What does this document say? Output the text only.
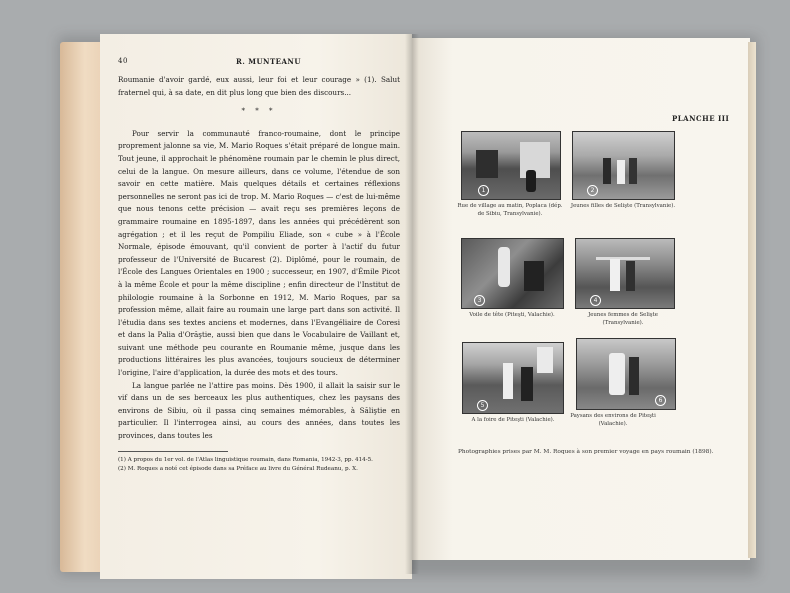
40	R. MUNTEANU

Roumanie d'avoir gardé, eux aussi, leur foi et leur courage » (1). Salut fraternel qui, à sa date, en dit plus long que bien des discours...

* * *

Pour servir la communauté franco-roumaine, dont le principe proprement jalonne sa vie, M. Mario Roques s'était préparé de longue main. Tout jeune, il approchait le phénomène roumain par le chemin le plus direct, celui de la langue. On mesure ailleurs, dans ce volume, l'étendue de son savoir en cette matière. Mais quelques détails et certaines réflexions personnelles ne seront pas ici de trop. M. Mario Roques — c'est de lui-même que nous tenons cette précision — avait reçu ses premières leçons de grammaire roumaine en 1895-1897, dans les années qui précédèrent son agrégation ; et il les reçut de Pompiliu Eliade, son « cube » à l'École Normale, épisode émouvant, qu'il convient de porter à l'actif du futur professeur de l'Université de Bucarest (2). Diplômé, pour le roumain, de l'École des Langues Orientales en 1900 ; successeur, en 1907, d'Émile Picot à la même École et pour la même discipline ; enfin directeur de l'Institut de philologie roumaine à la Sorbonne en 1912, M. Mario Roques, par sa profession même, allait faire au roumain une large part dans son activité. Il l'étudia dans ses textes anciens et modernes, dans l'Evangéliaire de Coresi et dans la Palia d'Orăştie, aussi bien que dans le Vocabulaire de Vaillant et, suivant une méthode peu courante en Roumanie même, jusque dans les productions littéraires les plus avancées, toujours soucieux de déterminer l'origine, l'aire d'application, la durée des mots et des tours.

La langue parlée ne l'attire pas moins. Dès 1900, il allait la saisir sur le vif dans un de ses berceaux les plus authentiques, chez les paysans des environs de Sibiu, où il passa cinq semaines mémorables, à Săliştie en particulier. Il l'interrogea ainsi, au cours des années, dans toutes les provinces, dans toutes les

(1) A propos du 1er vol. de l'Atlas linguistique roumain, dans Romania, 1942-3, pp. 414-5.

(2) M. Roques a noté cet épisode dans sa Préface au livre du Général Rudeanu, p. X.

PLANCHE III
1
Rue de village au matin, Poplaca (dép. de Sibiu, Transylvanie).
2
Jeunes filles de Selişte (Transylvanie).
3
Voile de tête (Piteşti, Valachie).
4
Jeunes femmes de Selişte (Transylvanie).
5
A la foire de Piteşti (Valachie).
6
Paysans des environs de Piteşti (Valachie).
Photographies prises par M. M. Roques à son premier voyage en pays roumain (1898).
